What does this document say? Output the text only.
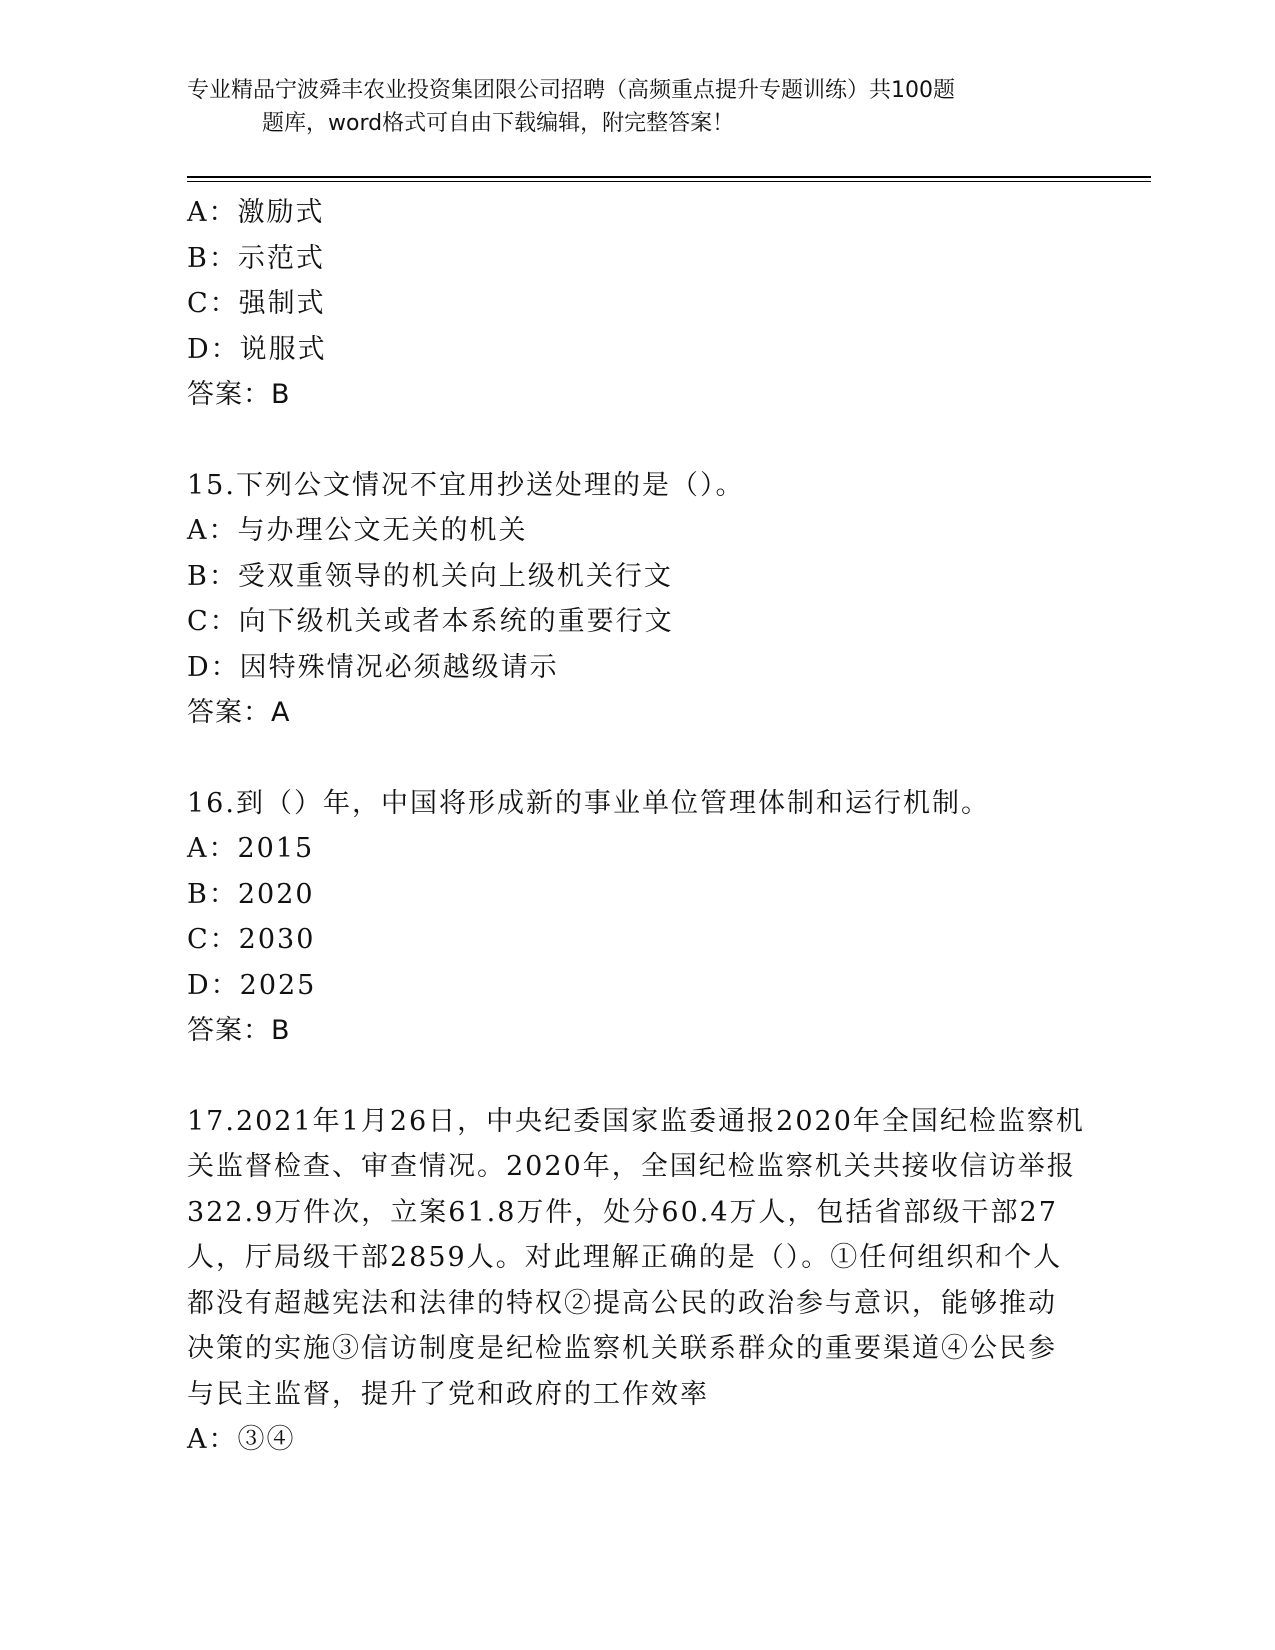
专业精品宁波舜丰农业投资集团限公司招聘（高频重点提升专题训练）共100题
题库，word格式可自由下载编辑，附完整答案！
A：激励式
B：示范式
C：强制式
D：说服式
答案：B
15.下列公文情况不宜用抄送处理的是（）。
A：与办理公文无关的机关
B：受双重领导的机关向上级机关行文
C：向下级机关或者本系统的重要行文
D：因特殊情况必须越级请示
答案：A
16.到（）年，中国将形成新的事业单位管理体制和运行机制。
A：2015
B：2020
C：2030
D：2025
答案：B
17.2021年1月26日，中央纪委国家监委通报2020年全国纪检监察机
关监督检查、审查情况。2020年，全国纪检监察机关共接收信访举报
322.9万件次，立案61.8万件，处分60.4万人，包括省部级干部27
人，厅局级干部2859人。对此理解正确的是（）。①任何组织和个人
都没有超越宪法和法律的特权②提高公民的政治参与意识，能够推动
决策的实施③信访制度是纪检监察机关联系群众的重要渠道④公民参
与民主监督，提升了党和政府的工作效率
A：③④
